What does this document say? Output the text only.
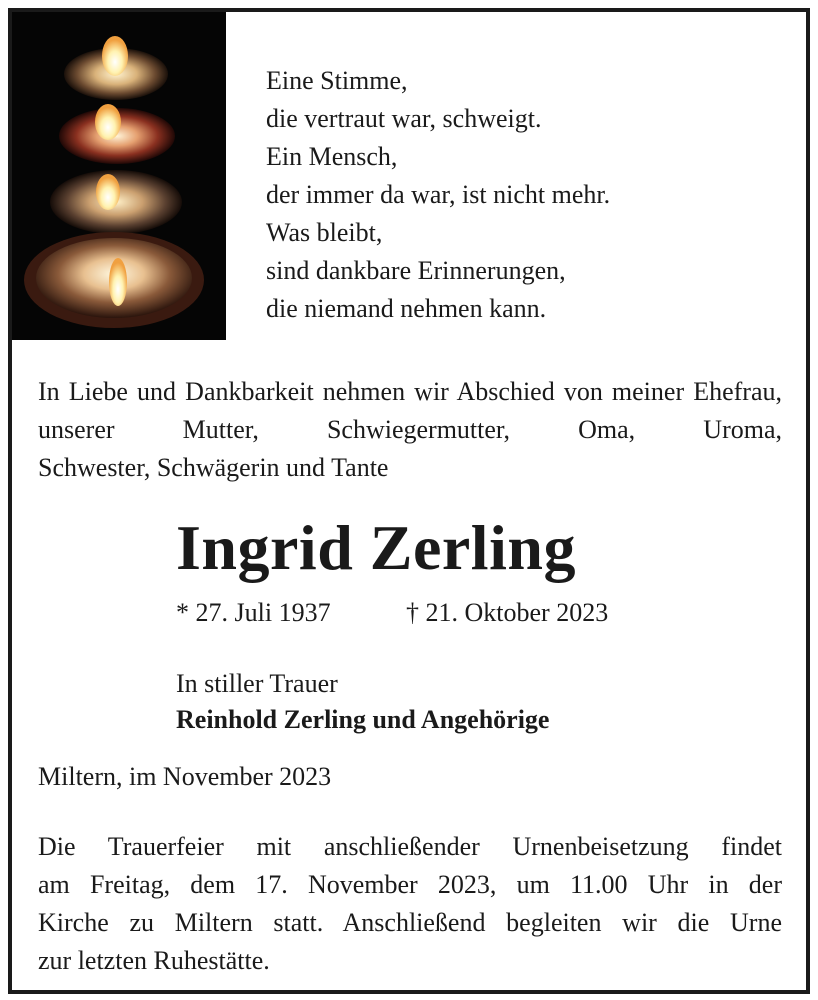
Eine Stimme,
die vertraut war, schweigt.
Ein Mensch,
der immer da war, ist nicht mehr.
Was bleibt,
sind dankbare Erinnerungen,
die niemand nehmen kann.
In Liebe und Dankbarkeit nehmen wir Abschied von meiner Ehefrau, unserer Mutter, Schwiegermutter, Oma, Uroma,
Schwester, Schwägerin und Tante
Ingrid Zerling
* 27. Juli 1937	† 21. Oktober 2023
In stiller Trauer
Reinhold Zerling und Angehörige
Miltern, im November 2023
Die Trauerfeier mit anschließender Urnenbeisetzung findet
am Freitag, dem 17. November 2023, um 11.00 Uhr in der
Kirche zu Miltern statt. Anschließend begleiten wir die Urne
zur letzten Ruhestätte.
